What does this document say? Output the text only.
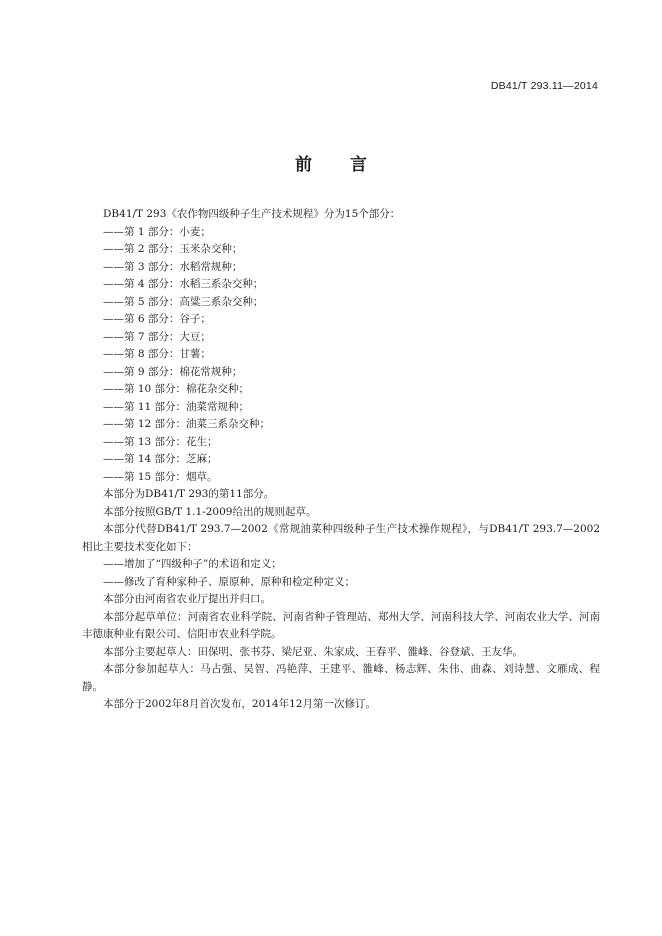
DB41/T 293.11—2014
前言

DB41/T 293《农作物四级种子生产技术规程》分为15个部分：

——第 1 部分：小麦；

——第 2 部分：玉米杂交种；

——第 3 部分：水稻常规种；

——第 4 部分：水稻三系杂交种；

——第 5 部分：高粱三系杂交种；

——第 6 部分：谷子；

——第 7 部分：大豆；

——第 8 部分：甘薯；

——第 9 部分：棉花常规种；

——第 10 部分：棉花杂交种；

——第 11 部分：油菜常规种；

——第 12 部分：油菜三系杂交种；

——第 13 部分：花生；

——第 14 部分：芝麻；

——第 15 部分：烟草。

本部分为DB41/T 293的第11部分。

本部分按照GB/T 1.1-2009给出的规则起草。

本部分代替DB41/T 293.7—2002《常规油菜种四级种子生产技术操作规程》，与DB41/T 293.7—2002相比主要技术变化如下：

——增加了“四级种子”的术语和定义；

——修改了育种家种子、原原种、原种和检定种定义；

本部分由河南省农业厅提出并归口。

本部分起草单位：河南省农业科学院、河南省种子管理站、郑州大学、河南科技大学、河南农业大学、河南丰德康种业有限公司、信阳市农业科学院。

本部分主要起草人：田保明、张书芬、梁尼亚、朱家成、王春平、雒峰、谷登斌、王友华。

本部分参加起草人：马占强、吴智、冯艳萍、王建平、雒峰、杨志辉、朱伟、曲森、刘诗慧、文雁成、程静。

本部分于2002年8月首次发布，2014年12月第一次修订。
